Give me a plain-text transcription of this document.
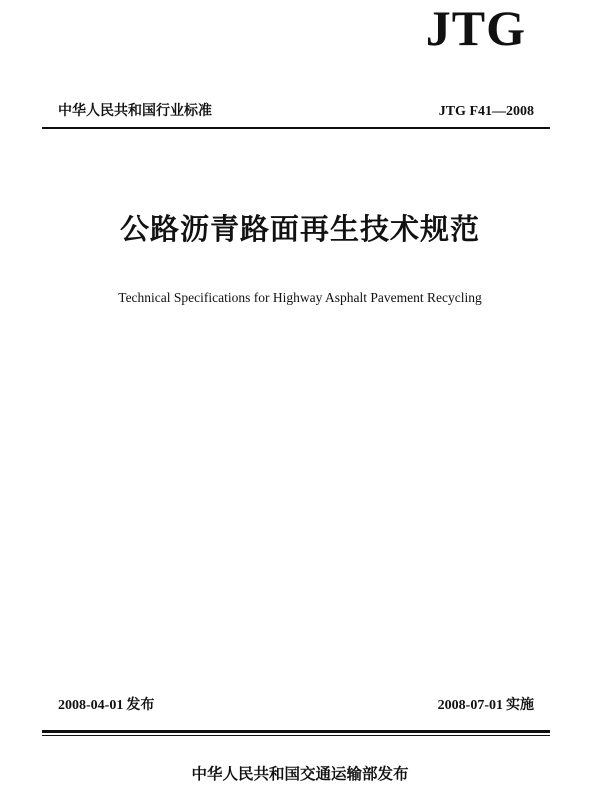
JTG
中华人民共和国行业标准	JTG F41—2008
公路沥青路面再生技术规范
Technical Specifications for Highway Asphalt Pavement Recycling
2008-04-01 发布	2008-07-01 实施
中华人民共和国交通运输部发布
